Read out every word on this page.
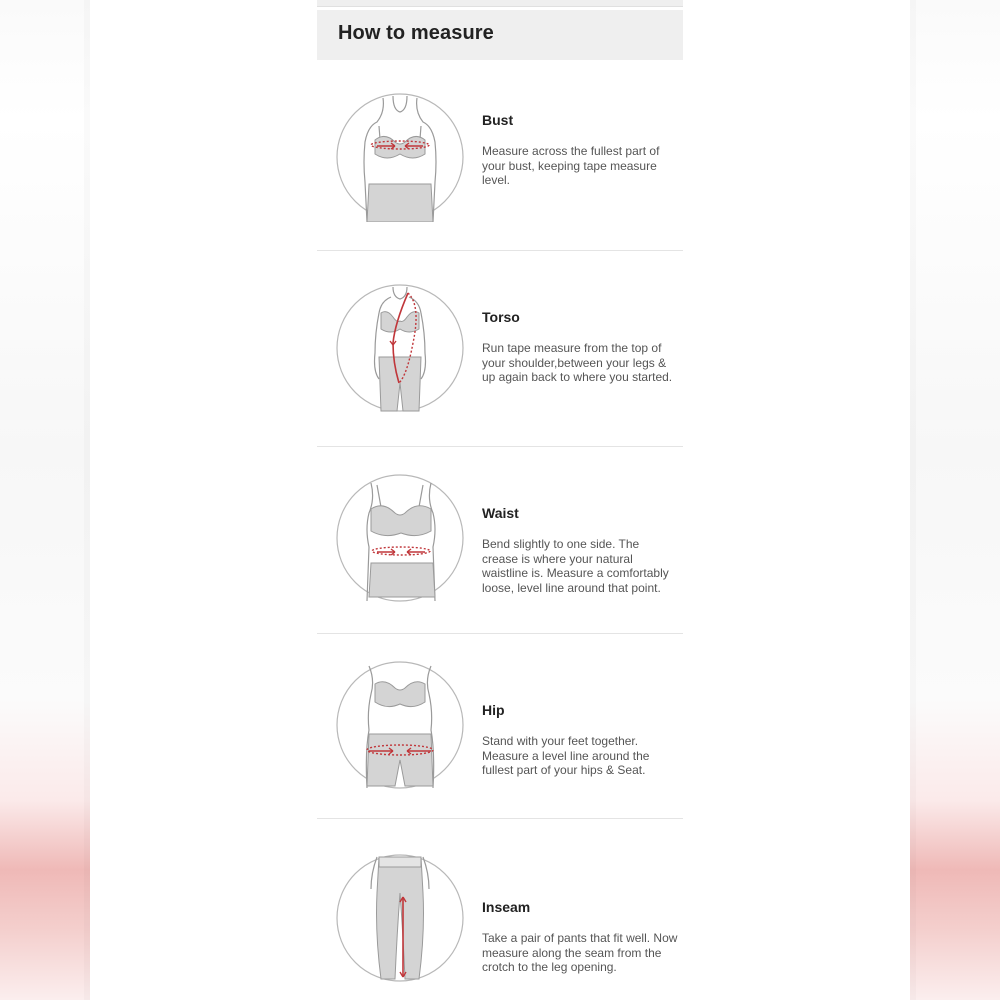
How to measure
Bust

Measure across the fullest part of your bust, keeping tape measure level.

Torso

Run tape measure from the top of your shoulder,between your legs & up again back to where you started.

Waist

Bend slightly to one side. The crease is where your natural waistline is. Measure a comfortably loose, level line around that point.

Hip

Stand with your feet together. Measure a level line around the fullest part of your hips & Seat.

Inseam

Take a pair of pants that fit well. Now measure along the seam from the crotch to the leg opening.
